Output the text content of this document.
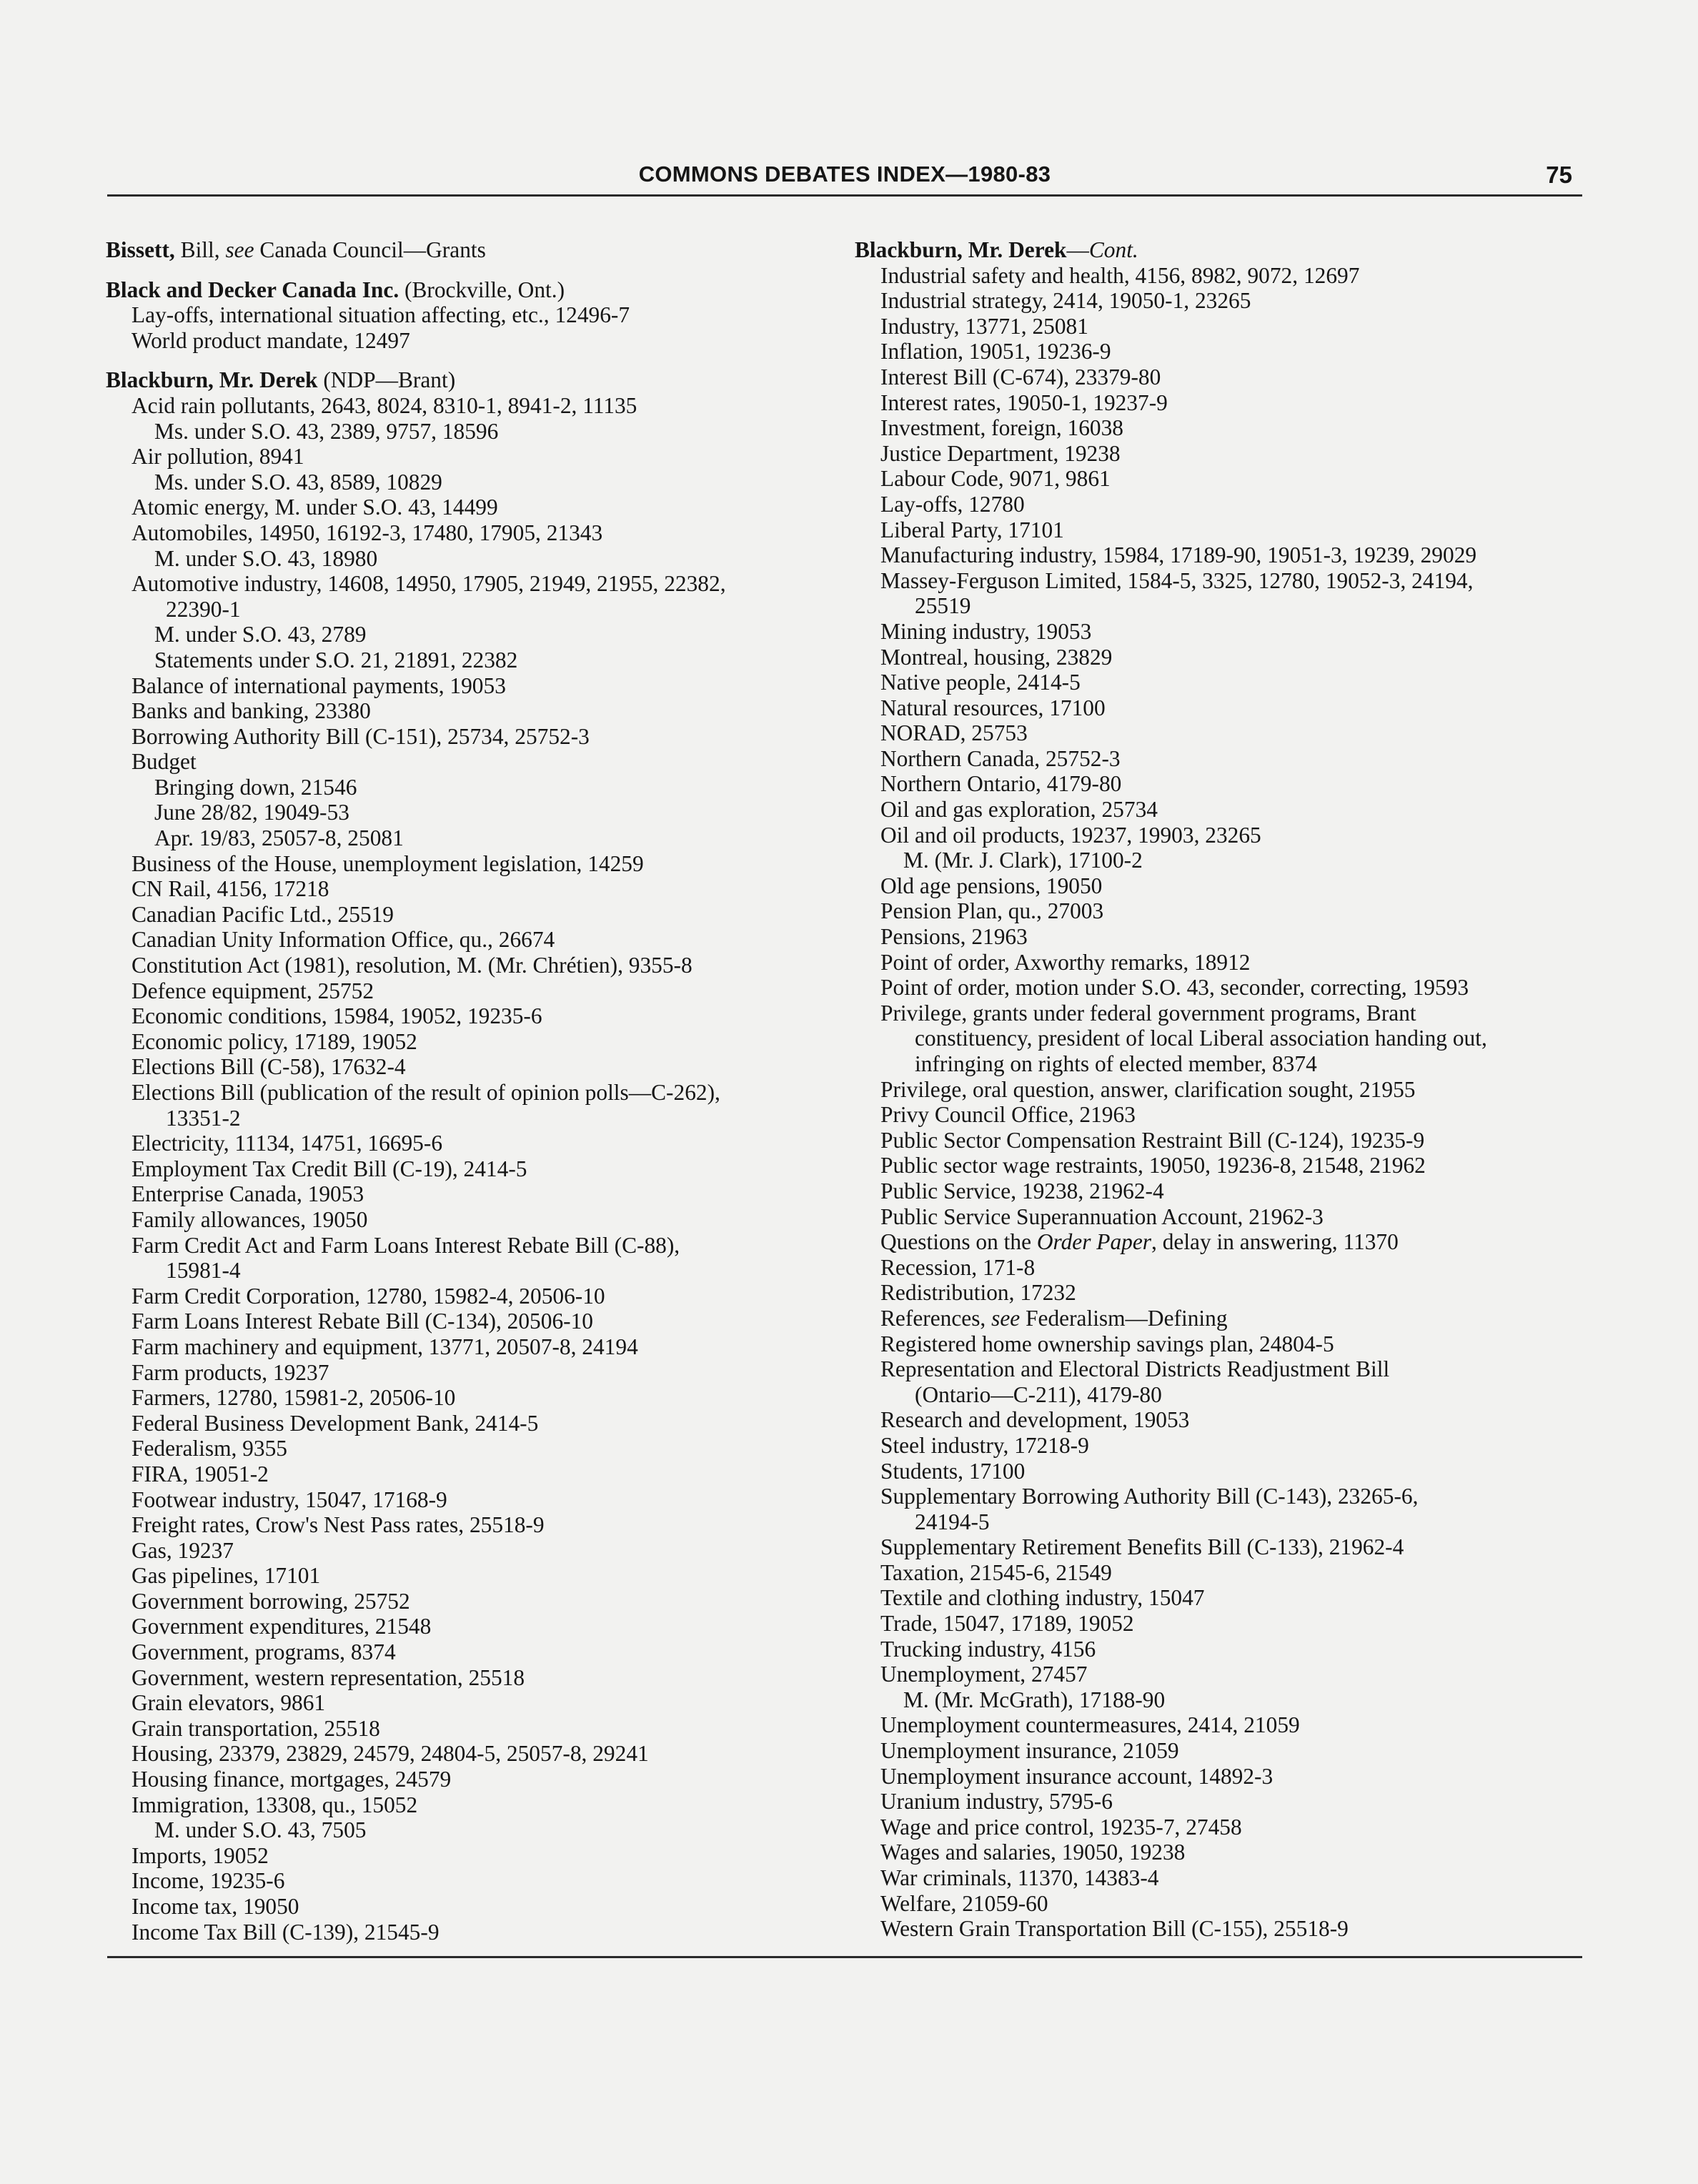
COMMONS DEBATES INDEX—1980-83	75
Bissett, Bill, see Canada Council—Grants
Black and Decker Canada Inc. (Brockville, Ont.)
Lay-offs, international situation affecting, etc., 12496-7
World product mandate, 12497
Blackburn, Mr. Derek (NDP—Brant)
Acid rain pollutants, 2643, 8024, 8310-1, 8941-2, 11135
Ms. under S.O. 43, 2389, 9757, 18596
Air pollution, 8941
Ms. under S.O. 43, 8589, 10829
Atomic energy, M. under S.O. 43, 14499
Automobiles, 14950, 16192-3, 17480, 17905, 21343
M. under S.O. 43, 18980
Automotive industry, 14608, 14950, 17905, 21949, 21955, 22382,
22390-1
M. under S.O. 43, 2789
Statements under S.O. 21, 21891, 22382
Balance of international payments, 19053
Banks and banking, 23380
Borrowing Authority Bill (C-151), 25734, 25752-3
Budget
Bringing down, 21546
June 28/82, 19049-53
Apr. 19/83, 25057-8, 25081
Business of the House, unemployment legislation, 14259
CN Rail, 4156, 17218
Canadian Pacific Ltd., 25519
Canadian Unity Information Office, qu., 26674
Constitution Act (1981), resolution, M. (Mr. Chrétien), 9355-8
Defence equipment, 25752
Economic conditions, 15984, 19052, 19235-6
Economic policy, 17189, 19052
Elections Bill (C-58), 17632-4
Elections Bill (publication of the result of opinion polls—C-262),
13351-2
Electricity, 11134, 14751, 16695-6
Employment Tax Credit Bill (C-19), 2414-5
Enterprise Canada, 19053
Family allowances, 19050
Farm Credit Act and Farm Loans Interest Rebate Bill (C-88),
15981-4
Farm Credit Corporation, 12780, 15982-4, 20506-10
Farm Loans Interest Rebate Bill (C-134), 20506-10
Farm machinery and equipment, 13771, 20507-8, 24194
Farm products, 19237
Farmers, 12780, 15981-2, 20506-10
Federal Business Development Bank, 2414-5
Federalism, 9355
FIRA, 19051-2
Footwear industry, 15047, 17168-9
Freight rates, Crow's Nest Pass rates, 25518-9
Gas, 19237
Gas pipelines, 17101
Government borrowing, 25752
Government expenditures, 21548
Government, programs, 8374
Government, western representation, 25518
Grain elevators, 9861
Grain transportation, 25518
Housing, 23379, 23829, 24579, 24804-5, 25057-8, 29241
Housing finance, mortgages, 24579
Immigration, 13308, qu., 15052
M. under S.O. 43, 7505
Imports, 19052
Income, 19235-6
Income tax, 19050
Income Tax Bill (C-139), 21545-9
Blackburn, Mr. Derek—Cont.
Industrial safety and health, 4156, 8982, 9072, 12697
Industrial strategy, 2414, 19050-1, 23265
Industry, 13771, 25081
Inflation, 19051, 19236-9
Interest Bill (C-674), 23379-80
Interest rates, 19050-1, 19237-9
Investment, foreign, 16038
Justice Department, 19238
Labour Code, 9071, 9861
Lay-offs, 12780
Liberal Party, 17101
Manufacturing industry, 15984, 17189-90, 19051-3, 19239, 29029
Massey-Ferguson Limited, 1584-5, 3325, 12780, 19052-3, 24194,
25519
Mining industry, 19053
Montreal, housing, 23829
Native people, 2414-5
Natural resources, 17100
NORAD, 25753
Northern Canada, 25752-3
Northern Ontario, 4179-80
Oil and gas exploration, 25734
Oil and oil products, 19237, 19903, 23265
M. (Mr. J. Clark), 17100-2
Old age pensions, 19050
Pension Plan, qu., 27003
Pensions, 21963
Point of order, Axworthy remarks, 18912
Point of order, motion under S.O. 43, seconder, correcting, 19593
Privilege, grants under federal government programs, Brant
constituency, president of local Liberal association handing out,
infringing on rights of elected member, 8374
Privilege, oral question, answer, clarification sought, 21955
Privy Council Office, 21963
Public Sector Compensation Restraint Bill (C-124), 19235-9
Public sector wage restraints, 19050, 19236-8, 21548, 21962
Public Service, 19238, 21962-4
Public Service Superannuation Account, 21962-3
Questions on the Order Paper, delay in answering, 11370
Recession, 171-8
Redistribution, 17232
References, see Federalism—Defining
Registered home ownership savings plan, 24804-5
Representation and Electoral Districts Readjustment Bill
(Ontario—C-211), 4179-80
Research and development, 19053
Steel industry, 17218-9
Students, 17100
Supplementary Borrowing Authority Bill (C-143), 23265-6,
24194-5
Supplementary Retirement Benefits Bill (C-133), 21962-4
Taxation, 21545-6, 21549
Textile and clothing industry, 15047
Trade, 15047, 17189, 19052
Trucking industry, 4156
Unemployment, 27457
M. (Mr. McGrath), 17188-90
Unemployment countermeasures, 2414, 21059
Unemployment insurance, 21059
Unemployment insurance account, 14892-3
Uranium industry, 5795-6
Wage and price control, 19235-7, 27458
Wages and salaries, 19050, 19238
War criminals, 11370, 14383-4
Welfare, 21059-60
Western Grain Transportation Bill (C-155), 25518-9
